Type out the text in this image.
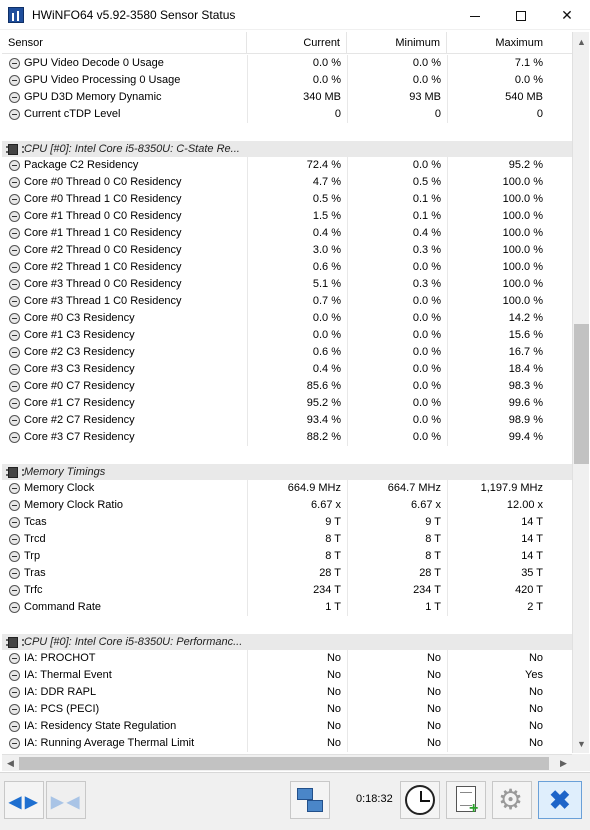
HWiNFO64 v5.92-3580 Sensor Status	✕
Sensor	Current	Minimum	Maximum
GPU Video Decode 0 Usage	0.0 %	0.0 %	7.1 %
GPU Video Processing 0 Usage	0.0 %	0.0 %	0.0 %
GPU D3D Memory Dynamic	340 MB	93 MB	540 MB
Current cTDP Level	0	0	0
CPU [#0]: Intel Core i5-8350U: C-State Re...
Package C2 Residency	72.4 %	0.0 %	95.2 %
Core #0 Thread 0 C0 Residency	4.7 %	0.5 %	100.0 %
Core #0 Thread 1 C0 Residency	0.5 %	0.1 %	100.0 %
Core #1 Thread 0 C0 Residency	1.5 %	0.1 %	100.0 %
Core #1 Thread 1 C0 Residency	0.4 %	0.4 %	100.0 %
Core #2 Thread 0 C0 Residency	3.0 %	0.3 %	100.0 %
Core #2 Thread 1 C0 Residency	0.6 %	0.0 %	100.0 %
Core #3 Thread 0 C0 Residency	5.1 %	0.3 %	100.0 %
Core #3 Thread 1 C0 Residency	0.7 %	0.0 %	100.0 %
Core #0 C3 Residency	0.0 %	0.0 %	14.2 %
Core #1 C3 Residency	0.0 %	0.0 %	15.6 %
Core #2 C3 Residency	0.6 %	0.0 %	16.7 %
Core #3 C3 Residency	0.4 %	0.0 %	18.4 %
Core #0 C7 Residency	85.6 %	0.0 %	98.3 %
Core #1 C7 Residency	95.2 %	0.0 %	99.6 %
Core #2 C7 Residency	93.4 %	0.0 %	98.9 %
Core #3 C7 Residency	88.2 %	0.0 %	99.4 %
Memory Timings
Memory Clock	664.9 MHz	664.7 MHz	1,197.9 MHz
Memory Clock Ratio	6.67 x	6.67 x	12.00 x
Tcas	9 T	9 T	14 T
Trcd	8 T	8 T	14 T
Trp	8 T	8 T	14 T
Tras	28 T	28 T	35 T
Trfc	234 T	234 T	420 T
Command Rate	1 T	1 T	2 T
CPU [#0]: Intel Core i5-8350U: Performanc...
IA: PROCHOT	No	No	No
IA: Thermal Event	No	No	Yes
IA: DDR RAPL	No	No	No
IA: PCS (PECI)	No	No	No
IA: Residency State Regulation	No	No	No
IA: Running Average Thermal Limit	No	No	No
▲
▼
◀	▶
◀ ▶ ▶ ◀	0:18:32
+ ⚙ ✖
